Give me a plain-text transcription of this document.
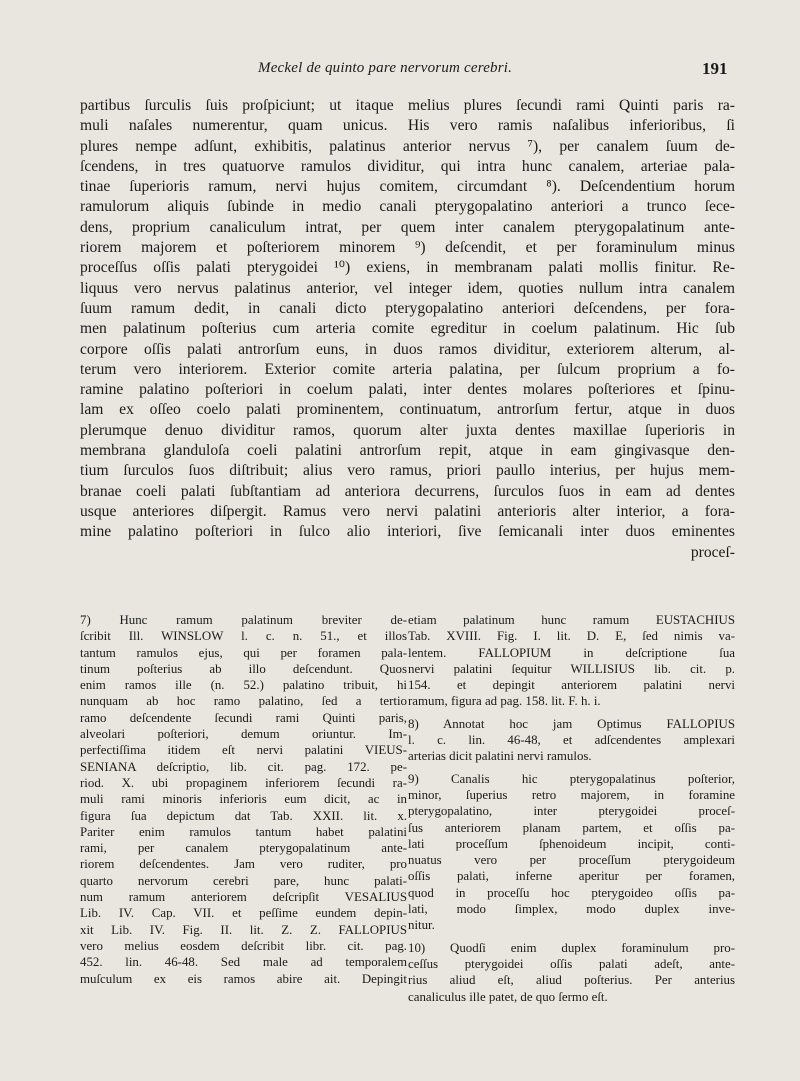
Meckel de quinto pare nervorum cerebri.	191
partibus ſurculis ſuis proſpiciunt; ut itaque melius plures ſecundi rami Quinti paris ra-
muli naſales numerentur, quam unicus. His vero ramis naſalibus inferioribus, ſi
plures nempe adſunt, exhibitis, palatinus anterior nervus ⁷), per canalem ſuum de-
ſcendens, in tres quatuorve ramulos dividitur, qui intra hunc canalem, arteriae pala-
tinae ſuperioris ramum, nervi hujus comitem, circumdant ⁸). Deſcendentium horum
ramulorum aliquis ſubinde in medio canali pterygopalatino anteriori a trunco ſece-
dens, proprium canaliculum intrat, per quem inter canalem pterygopalatinum ante-
riorem majorem et poſteriorem minorem ⁹) deſcendit, et per foraminulum minus
proceſſus oſſis palati pterygoidei ¹⁰) exiens, in membranam palati mollis finitur. Re-
liquus vero nervus palatinus anterior, vel integer idem, quoties nullum intra canalem
ſuum ramum dedit, in canali dicto pterygopalatino anteriori deſcendens, per fora-
men palatinum poſterius cum arteria comite egreditur in coelum palatinum. Hic ſub
corpore oſſis palati antrorſum euns, in duos ramos dividitur, exteriorem alterum, al-
terum vero interiorem. Exterior comite arteria palatina, per ſulcum proprium a fo-
ramine palatino poſteriori in coelum palati, inter dentes molares poſteriores et ſpinu-
lam ex oſſeo coelo palati prominentem, continuatum, antrorſum fertur, atque in duos
plerumque denuo dividitur ramos, quorum alter juxta dentes maxillae ſuperioris in
membrana glanduloſa coeli palatini antrorſum repit, atque in eam gingivasque den-
tium ſurculos ſuos diſtribuit; alius vero ramus, priori paullo interius, per hujus mem-
branae coeli palati ſubſtantiam ad anteriora decurrens, ſurculos ſuos in eam ad dentes
usque anteriores diſpergit. Ramus vero nervi palatini anterioris alter interior, a fora-
mine palatino poſteriori in ſulco alio interiori, ſive ſemicanali inter duos eminentes
proceſ-
7) Hunc ramum palatinum breviter de-
ſcribit Ill. WINSLOW l. c. n. 51., et illos
tantum ramulos ejus, qui per foramen pala-
tinum poſterius ab illo deſcendunt. Quos
enim ramos ille (n. 52.) palatino tribuit, hi
nunquam ab hoc ramo palatino, ſed a tertio
ramo deſcendente ſecundi rami Quinti paris,
alveolari poſteriori, demum oriuntur. Im-
perfectiſſima itidem eſt nervi palatini VIEUS-
SENIANA deſcriptio, lib. cit. pag. 172. pe-
riod. X. ubi propaginem inferiorem ſecundi ra-
muli rami minoris inferioris eum dicit, ac in
figura ſua depictum dat Tab. XXII. lit. x.
Pariter enim ramulos tantum habet palatini
rami, per canalem pterygopalatinum ante-
riorem deſcendentes. Jam vero ruditer, pro
quarto nervorum cerebri pare, hunc palati-
num ramum anteriorem deſcripſit VESALIUS
Lib. IV. Cap. VII. et peſſime eundem depin-
xit Lib. IV. Fig. II. lit. Z. Z. FALLOPIUS
vero melius eosdem deſcribit libr. cit. pag.
452. lin. 46-48. Sed male ad temporalem
muſculum ex eis ramos abire ait. Depingit
etiam palatinum hunc ramum EUSTACHIUS
Tab. XVIII. Fig. I. lit. D. E, ſed nimis va-
lentem. FALLOPIUM in deſcriptione ſua
nervi palatini ſequitur WILLISIUS lib. cit. p.
154. et depingit anteriorem palatini nervi
ramum, figura ad pag. 158. lit. F. h. i.
8) Annotat hoc jam Optimus FALLOPIUS
l. c. lin. 46-48, et adſcendentes amplexari
arterias dicit palatini nervi ramulos.
9) Canalis hic pterygopalatinus poſterior,
minor, ſuperius retro majorem, in foramine
pterygopalatino, inter pterygoidei proceſ-
ſus anteriorem planam partem, et oſſis pa-
lati proceſſum ſphenoideum incipit, conti-
nuatus vero per proceſſum pterygoideum
oſſis palati, inferne aperitur per foramen,
quod in proceſſu hoc pterygoideo oſſis pa-
lati, modo ſimplex, modo duplex inve-
nitur.
10) Quodſi enim duplex foraminulum pro-
ceſſus pterygoidei oſſis palati adeſt, ante-
rius aliud eſt, aliud poſterius. Per anterius
canaliculus ille patet, de quo ſermo eſt.
